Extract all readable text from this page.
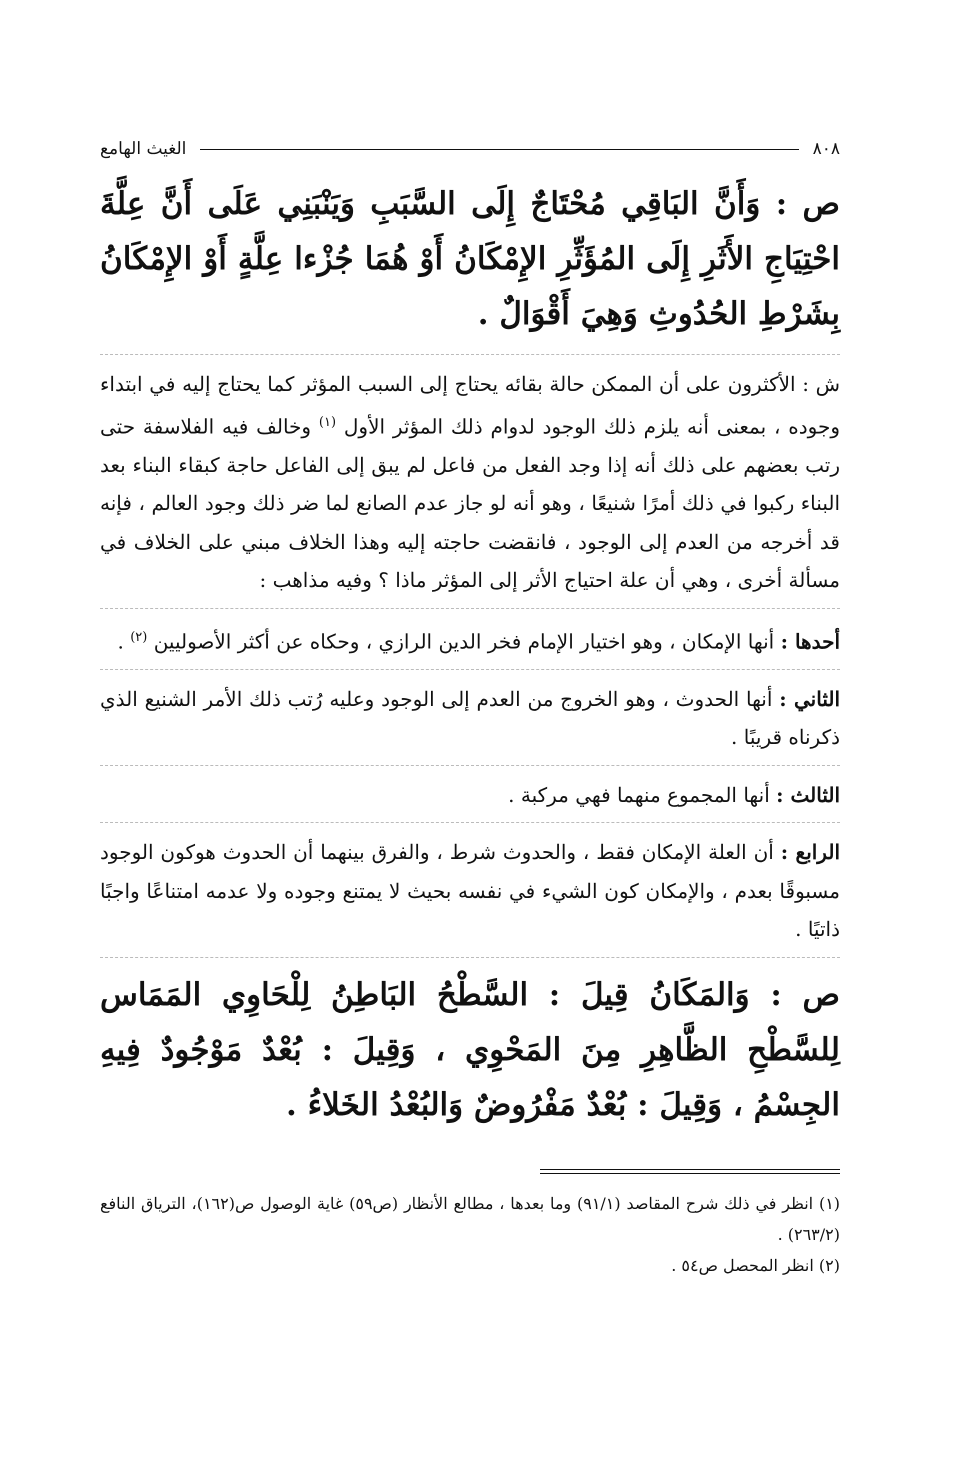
٨٠٨
الغيث الهامع

ص : وَأَنَّ البَاقِي مُحْتَاجٌ إِلَى السَّبَبِ وَيَنْبَنِي عَلَى أَنَّ عِلَّةَ احْتِيَاجِ الأَثَرِ إِلَى المُؤَثِّرِ الإِمْكَانُ أَوْ هُمَا جُزْءا عِلَّةٍ أَوْ الإِمْكَانُ بِشَرْطِ الحُدُوثِ وَهِيَ أَقْوَالٌ .

ش : الأكثرون على أن الممكن حالة بقائه يحتاج إلى السبب المؤثر كما يحتاج إليه في ابتداء وجوده ، بمعنى أنه يلزم ذلك الوجود لدوام ذلك المؤثر الأول $^{(١)}$ وخالف فيه الفلاسفة حتى رتب بعضهم على ذلك أنه إذا وجد الفعل من فاعل لم يبق إلى الفاعل حاجة كبقاء البناء بعد البناء ركبوا في ذلك أمرًا شنيعًا ، وهو أنه لو جاز عدم الصانع لما ضر ذلك وجود العالم ، فإنه قد أخرجه من العدم إلى الوجود ، فانقضت حاجته إليه وهذا الخلاف مبني على الخلاف في مسألة أخرى ، وهي أن علة احتياج الأثر إلى المؤثر ماذا ؟ وفيه مذاهب :

أحدها : أنها الإمكان ، وهو اختيار الإمام فخر الدين الرازي ، وحكاه عن أكثر الأصوليين $^{(٢)}$ .

الثاني : أنها الحدوث ، وهو الخروج من العدم إلى الوجود وعليه رُتب ذلك الأمر الشنيع الذي ذكرناه قريبًا .

الثالث : أنها المجموع منهما فهي مركبة .

الرابع : أن العلة الإمكان فقط ، والحدوث شرط ، والفرق بينهما أن الحدوث هوكون الوجود مسبوقًا بعدم ، والإمكان كون الشيء في نفسه بحيث لا يمتنع وجوده ولا عدمه امتناعًا واجبًا ذاتيًا .

ص : وَالمَكَانُ قِيلَ : السَّطْحُ البَاطِنُ لِلْحَاوِي المَمَاس لِلسَّطْحِ الظَّاهِرِ مِنَ المَحْوِي ، وَقِيلَ : بُعْدٌ مَوْجُودٌ فِيهِ الجِسْمُ ، وَقِيلَ : بُعْدٌ مَفْرُوضٌ وَالبُعْدُ الخَلاءُ .

(١) انظر في ذلك شرح المقاصد (٩١/١) وما بعدها ، مطالع الأنظار (ص٥٩) غاية الوصول ص(١٦٢)، الترياق النافع (٢٦٣/٢) .

(٢) انظر المحصل ص٥٤ .
